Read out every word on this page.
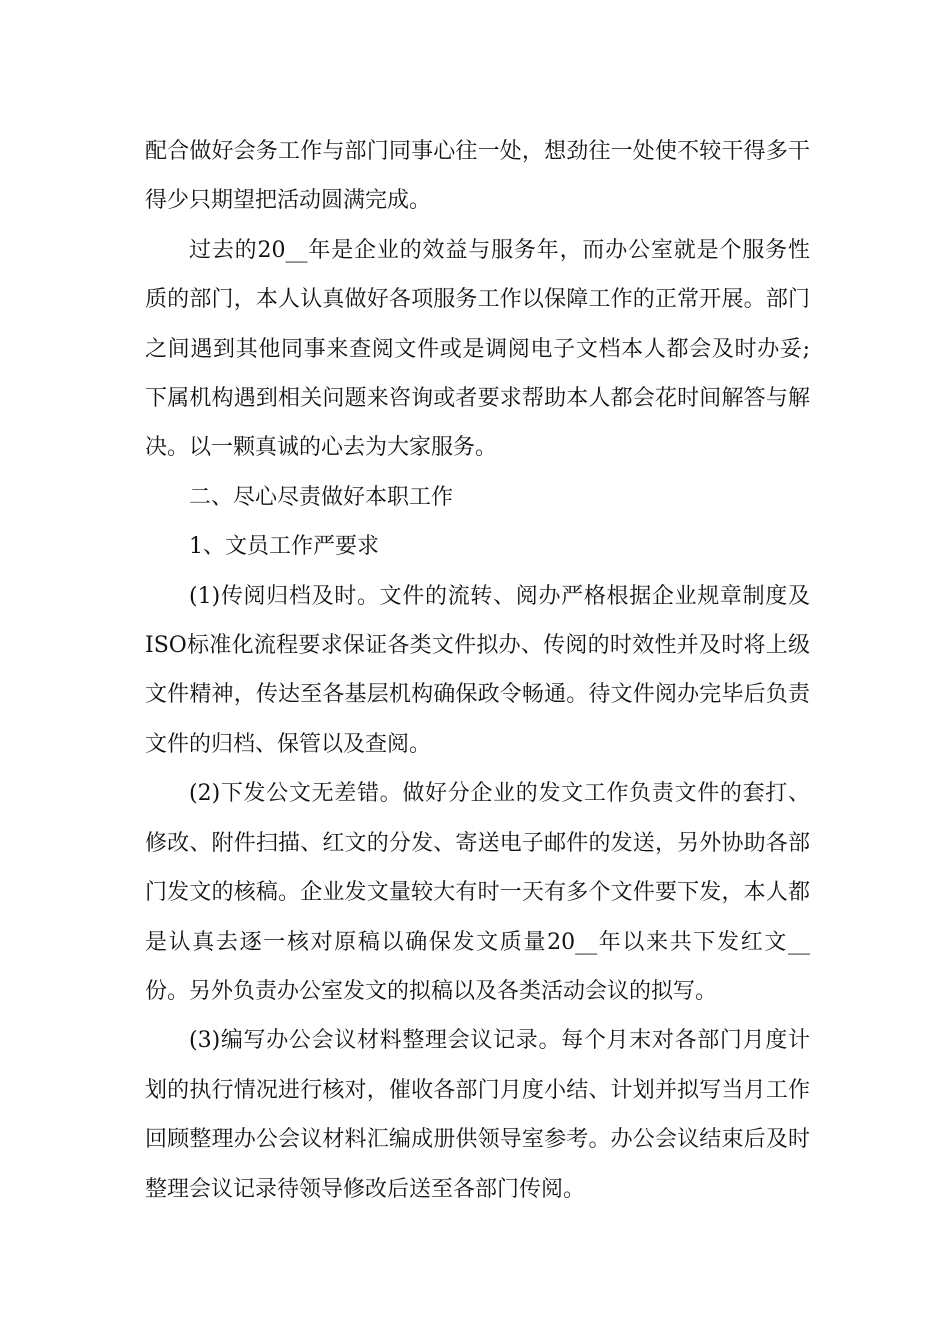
配合做好会务工作与部门同事心往一处，想劲往一处使不较干得多干得少只期望把活动圆满完成。

过去的20__年是企业的效益与服务年，而办公室就是个服务性质的部门，本人认真做好各项服务工作以保障工作的正常开展。部门之间遇到其他同事来查阅文件或是调阅电子文档本人都会及时办妥;下属机构遇到相关问题来咨询或者要求帮助本人都会花时间解答与解决。以一颗真诚的心去为大家服务。

二、尽心尽责做好本职工作

1、文员工作严要求

(1)传阅归档及时。文件的流转、阅办严格根据企业规章制度及ISO标准化流程要求保证各类文件拟办、传阅的时效性并及时将上级文件精神，传达至各基层机构确保政令畅通。待文件阅办完毕后负责文件的归档、保管以及查阅。

(2)下发公文无差错。做好分企业的发文工作负责文件的套打、修改、附件扫描、红文的分发、寄送电子邮件的发送，另外协助各部门发文的核稿。企业发文量较大有时一天有多个文件要下发，本人都是认真去逐一核对原稿以确保发文质量20__年以来共下发红文__份。另外负责办公室发文的拟稿以及各类活动会议的拟写。

(3)编写办公会议材料整理会议记录。每个月末对各部门月度计划的执行情况进行核对，催收各部门月度小结、计划并拟写当月工作回顾整理办公会议材料汇编成册供领导室参考。办公会议结束后及时整理会议记录待领导修改后送至各部门传阅。
